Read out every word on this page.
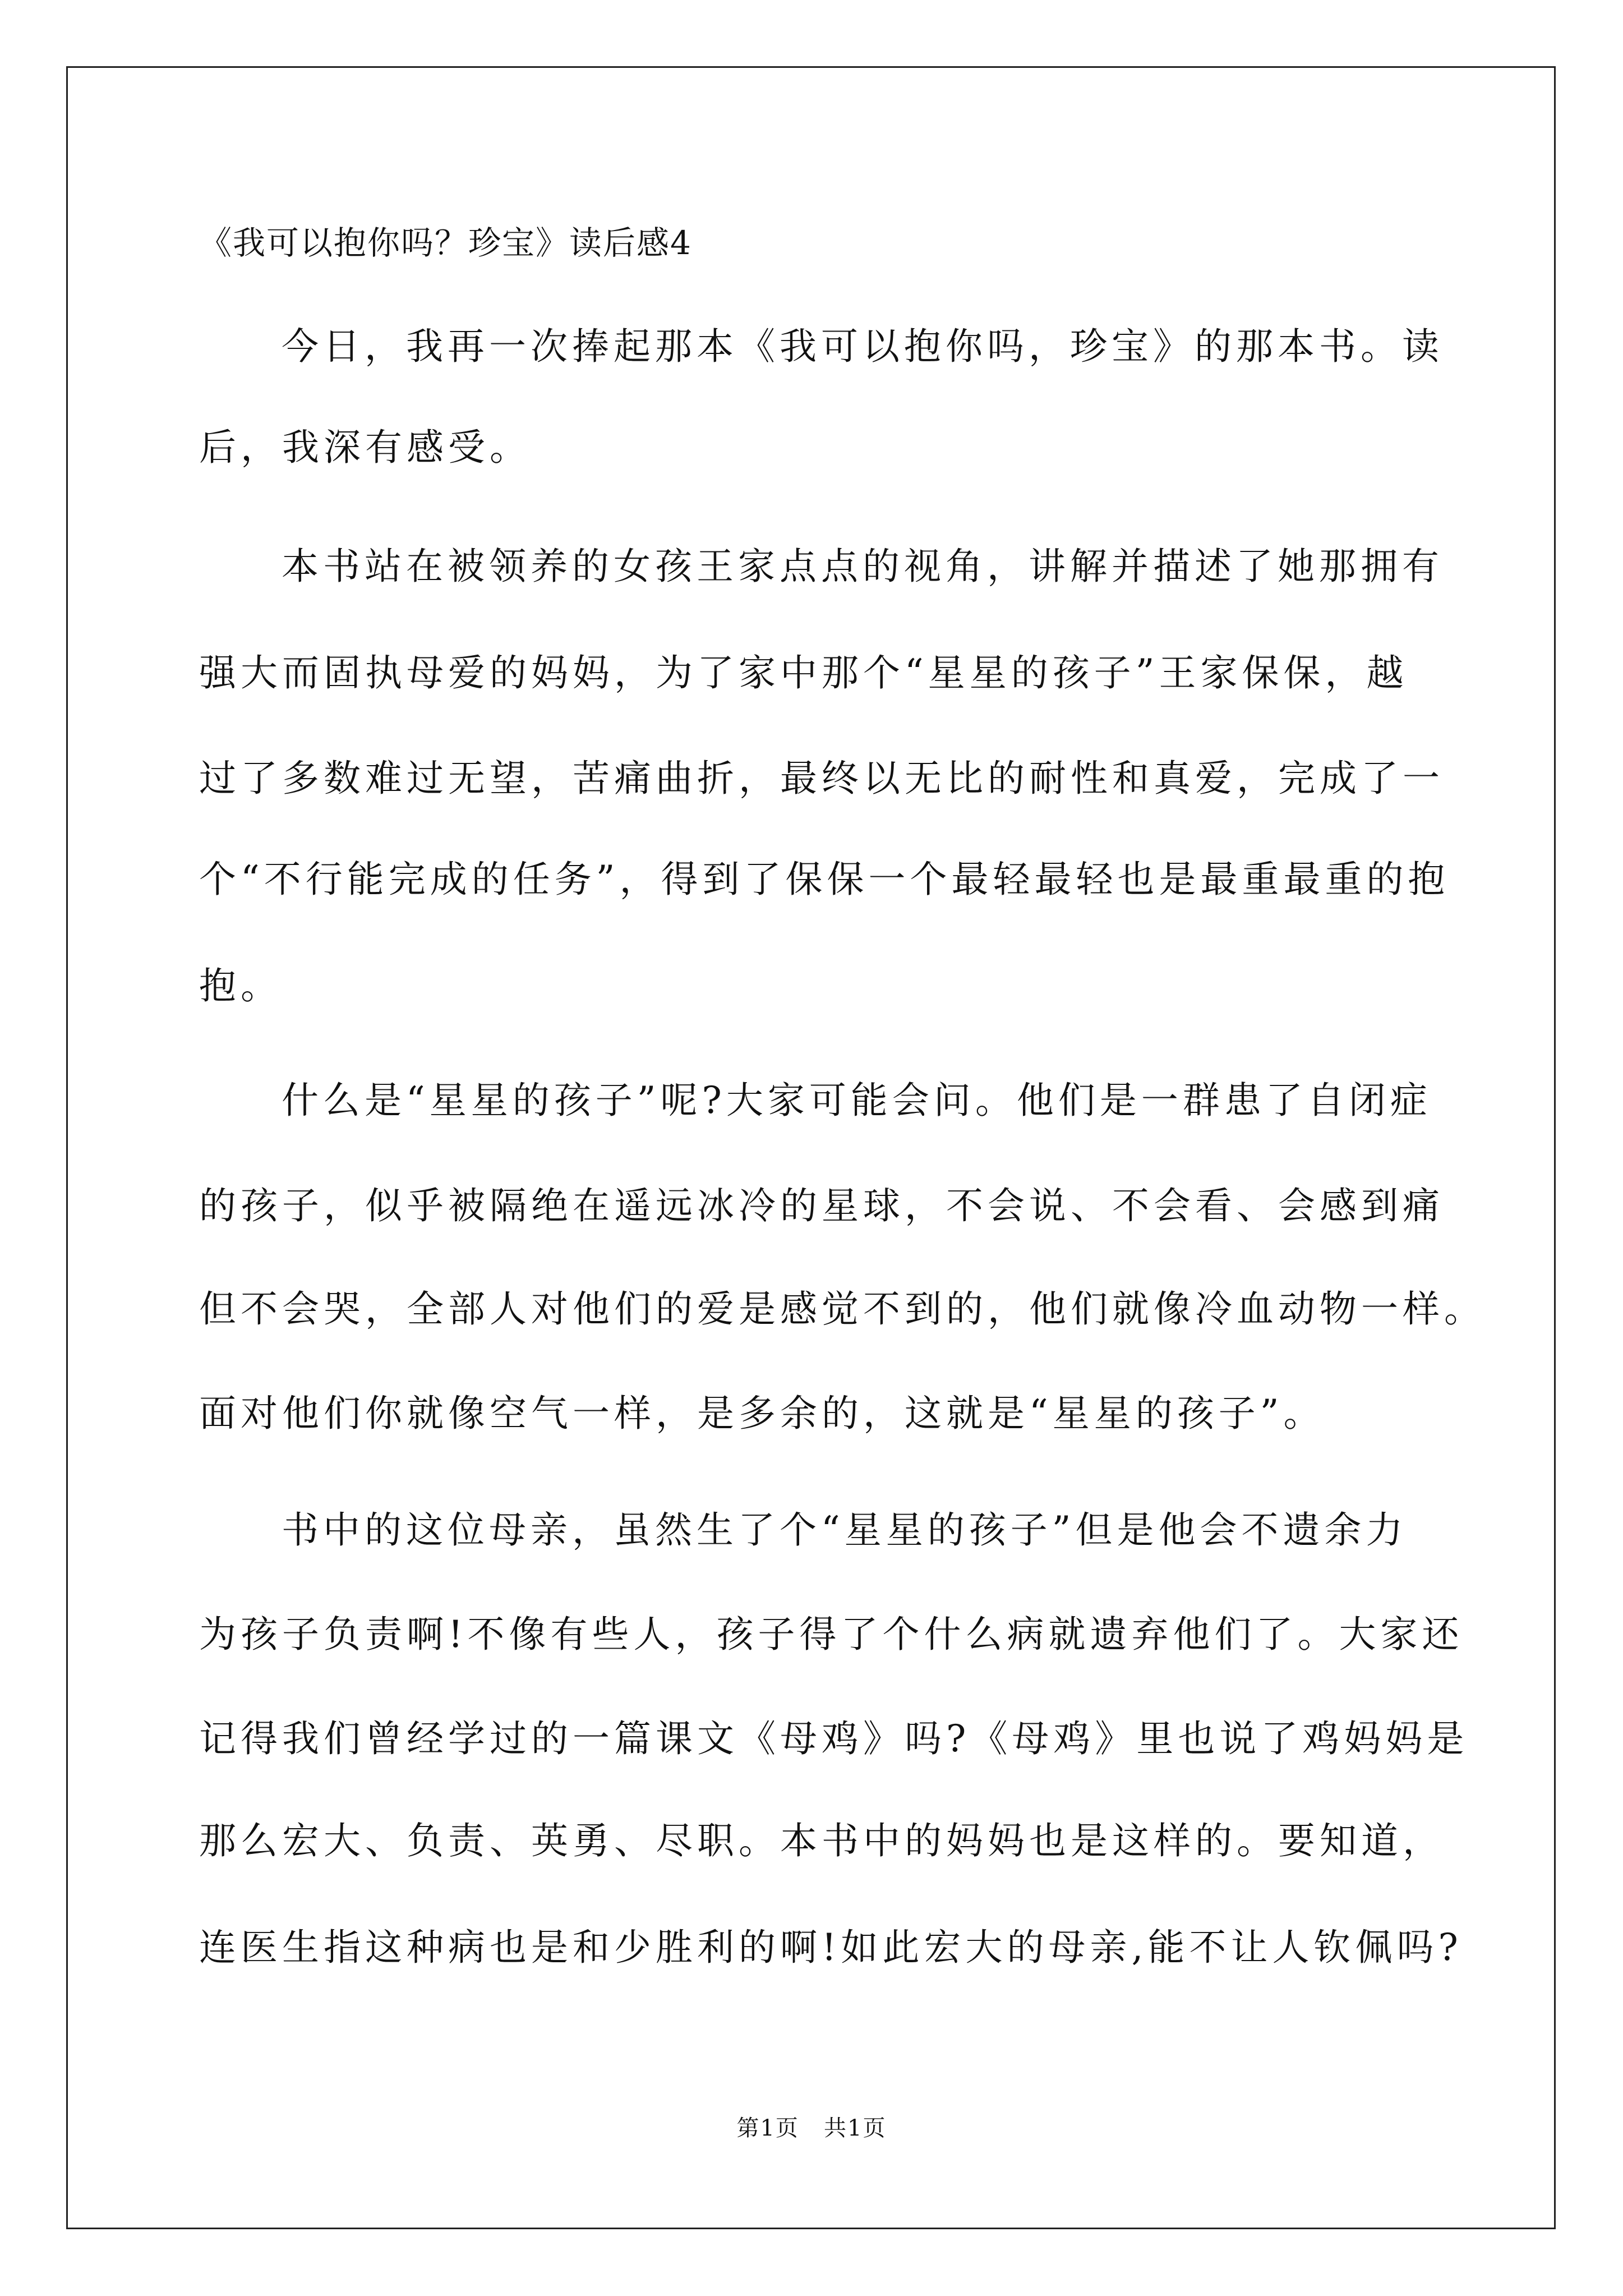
《我可以抱你吗？珍宝》读后感4
今日，我再一次捧起那本《我可以抱你吗，珍宝》的那本书。读
后，我深有感受。
本书站在被领养的女孩王家点点的视角，讲解并描述了她那拥有
强大而固执母爱的妈妈，为了家中那个“星星的孩子”王家保保，越
过了多数难过无望，苦痛曲折，最终以无比的耐性和真爱，完成了一
个“不行能完成的任务”，得到了保保一个最轻最轻也是最重最重的抱
抱。
什么是“星星的孩子”呢?大家可能会问。他们是一群患了自闭症
的孩子，似乎被隔绝在遥远冰冷的星球，不会说、不会看、会感到痛
但不会哭，全部人对他们的爱是感觉不到的，他们就像冷血动物一样。
面对他们你就像空气一样，是多余的，这就是“星星的孩子”。
书中的这位母亲，虽然生了个“星星的孩子”但是他会不遗余力
为孩子负责啊!不像有些人，孩子得了个什么病就遗弃他们了。大家还
记得我们曾经学过的一篇课文《母鸡》吗?《母鸡》里也说了鸡妈妈是
那么宏大、负责、英勇、尽职。本书中的妈妈也是这样的。要知道，
连医生指这种病也是和少胜利的啊!如此宏大的母亲,能不让人钦佩吗?
第1页   共1页
